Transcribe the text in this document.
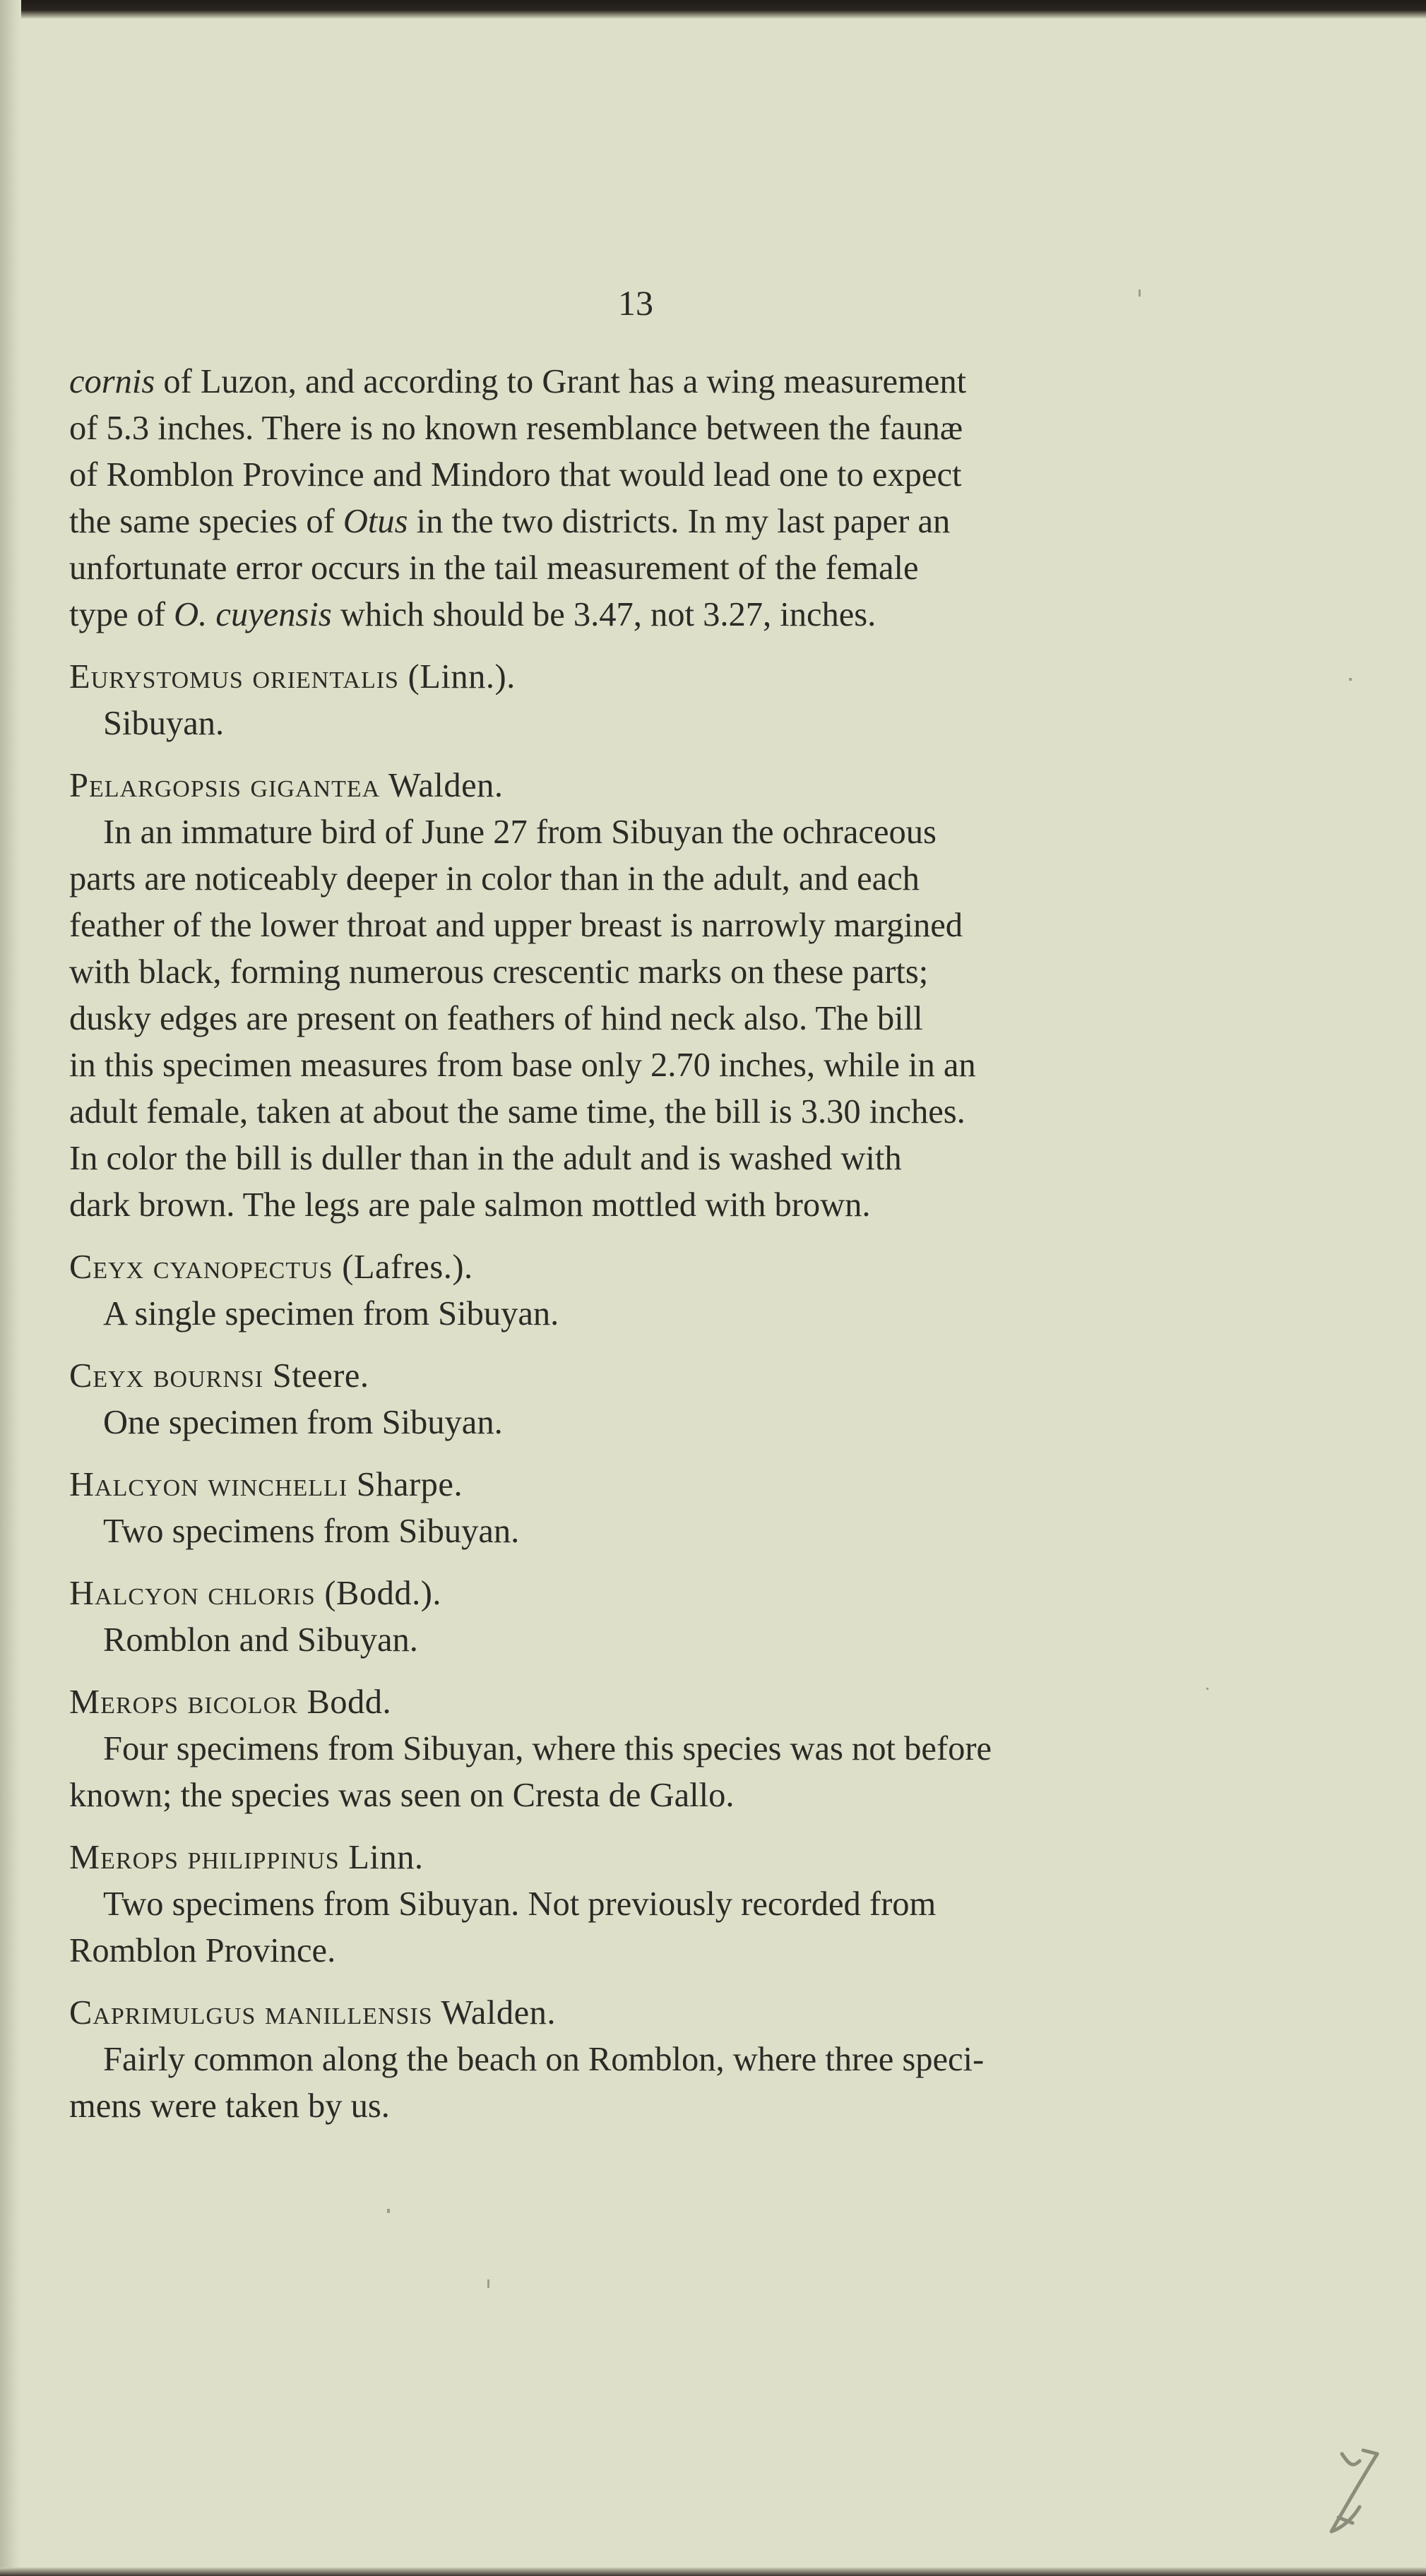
13

cornis of Luzon, and according to Grant has a wing measurement

of 5.3 inches. There is no known resemblance between the faunæ

of Romblon Province and Mindoro that would lead one to expect

the same species of Otus in the two districts. In my last paper an

unfortunate error occurs in the tail measurement of the female

type of O. cuyensis which should be 3.47, not 3.27, inches.

Eurystomus orientalis (Linn.).

Sibuyan.

Pelargopsis gigantea Walden.

In an immature bird of June 27 from Sibuyan the ochraceous

parts are noticeably deeper in color than in the adult, and each

feather of the lower throat and upper breast is narrowly margined

with black, forming numerous crescentic marks on these parts;

dusky edges are present on feathers of hind neck also. The bill

in this specimen measures from base only 2.70 inches, while in an

adult female, taken at about the same time, the bill is 3.30 inches.

In color the bill is duller than in the adult and is washed with

dark brown. The legs are pale salmon mottled with brown.

Ceyx cyanopectus (Lafres.).

A single specimen from Sibuyan.

Ceyx bournsi Steere.

One specimen from Sibuyan.

Halcyon winchelli Sharpe.

Two specimens from Sibuyan.

Halcyon chloris (Bodd.).

Romblon and Sibuyan.

Merops bicolor Bodd.

Four specimens from Sibuyan, where this species was not before

known; the species was seen on Cresta de Gallo.

Merops philippinus Linn.

Two specimens from Sibuyan. Not previously recorded from

Romblon Province.

Caprimulgus manillensis Walden.

Fairly common along the beach on Romblon, where three speci-

mens were taken by us.
